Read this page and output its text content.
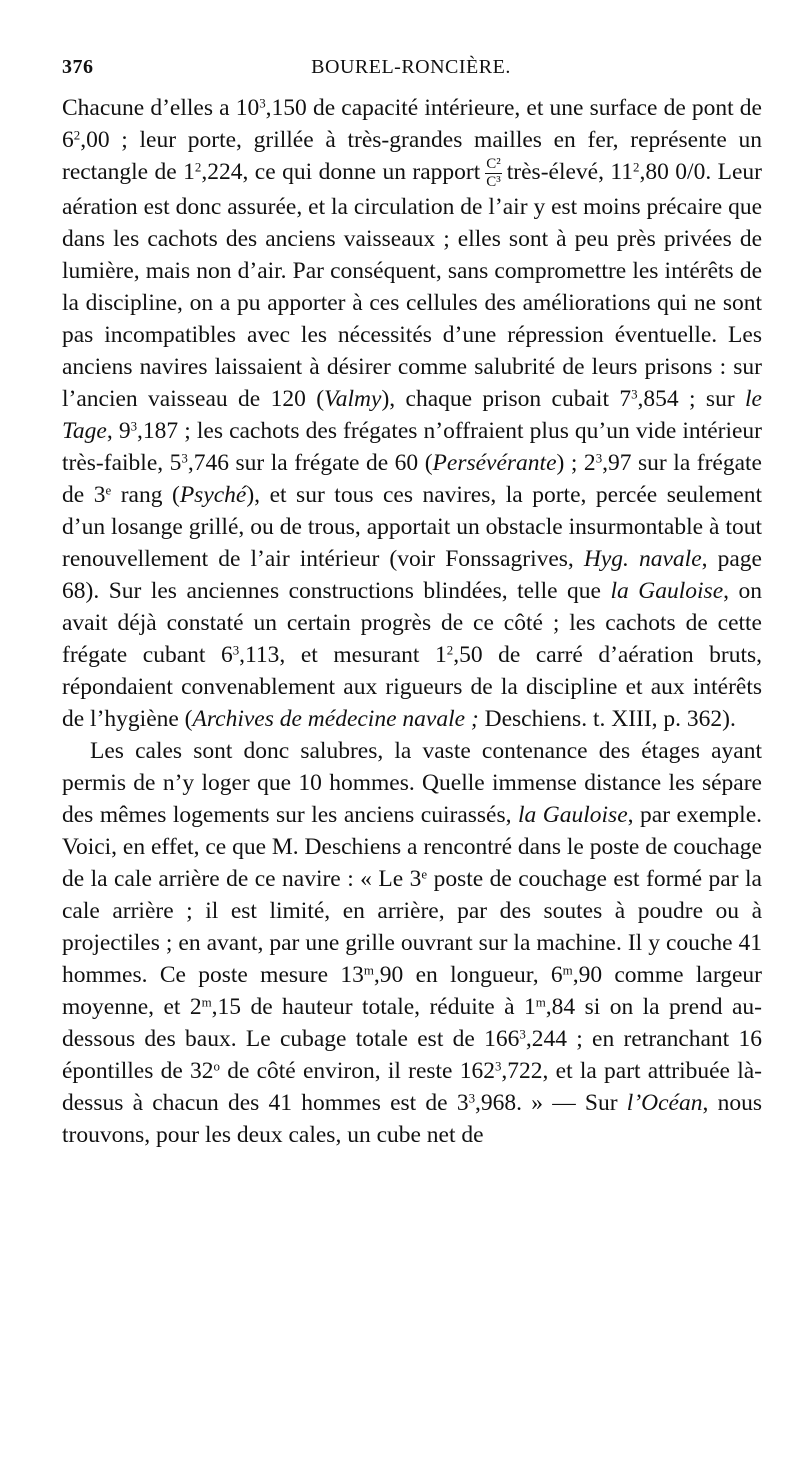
376	BOUREL-RONCIÈRE.

Chacune d’elles a $10^3,150$ de capacité intérieure, et une surface de pont de $6^2,00$ ; leur porte, grillée à très-grandes mailles en fer, représente un rectangle de $1^2,224$, ce qui donne un rapport $\frac{\text{C²}}{\text{C³}}$ très-élevé, $11^2,80$ 0/0. Leur aération est donc assurée, et la circulation de l’air y est moins précaire que dans les cachots des anciens vaisseaux ; elles sont à peu près privées de lumière, mais non d’air. Par conséquent, sans compromettre les intérêts de la discipline, on a pu apporter à ces cellules des améliorations qui ne sont pas incompatibles avec les nécessités d’une répression éventuelle. Les anciens navires laissaient à désirer comme salubrité de leurs prisons : sur l’ancien vaisseau de 120 (Valmy), chaque prison cubait $7^3,854$ ; sur le Tage, $9^3,187$ ; les cachots des frégates n’offraient plus qu’un vide intérieur très-faible, $5^3,746$ sur la frégate de 60 (Persévérante) ; $2^3,97$ sur la frégate de 3e rang (Psyché), et sur tous ces navires, la porte, percée seulement d’un losange grillé, ou de trous, apportait un obstacle insurmontable à tout renouvellement de l’air intérieur (voir Fonssagrives, Hyg. navale, page 68). Sur les anciennes constructions blindées, telle que la Gauloise, on avait déjà constaté un certain progrès de ce côté ; les cachots de cette frégate cubant $6^3,113$, et mesurant $1^2,50$ de carré d’aération bruts, répondaient convenablement aux rigueurs de la discipline et aux intérêts de l’hygiène (Archives de médecine navale ; Deschiens. t. XIII, p. 362).

Les cales sont donc salubres, la vaste contenance des étages ayant permis de n’y loger que 10 hommes. Quelle immense distance les sépare des mêmes logements sur les anciens cuirassés, la Gauloise, par exemple. Voici, en effet, ce que M. Deschiens a rencontré dans le poste de couchage de la cale arrière de ce navire : « Le 3e poste de couchage est formé par la cale arrière ; il est limité, en arrière, par des soutes à poudre ou à projectiles ; en avant, par une grille ouvrant sur la machine. Il y couche 41 hommes. Ce poste mesure 13$^m$,90 en longueur, 6$^m$,90 comme largeur moyenne, et 2$^m$,15 de hauteur totale, réduite à 1$^m$,84 si on la prend au-dessous des baux. Le cubage totale est de $166^3,244$ ; en retranchant 16 épontilles de 32$^o$ de côté environ, il reste $162^3,722$, et la part attribuée là-dessus à chacun des 41 hommes est de $3^3,968$. » — Sur l’Océan, nous trouvons, pour les deux cales, un cube net de
